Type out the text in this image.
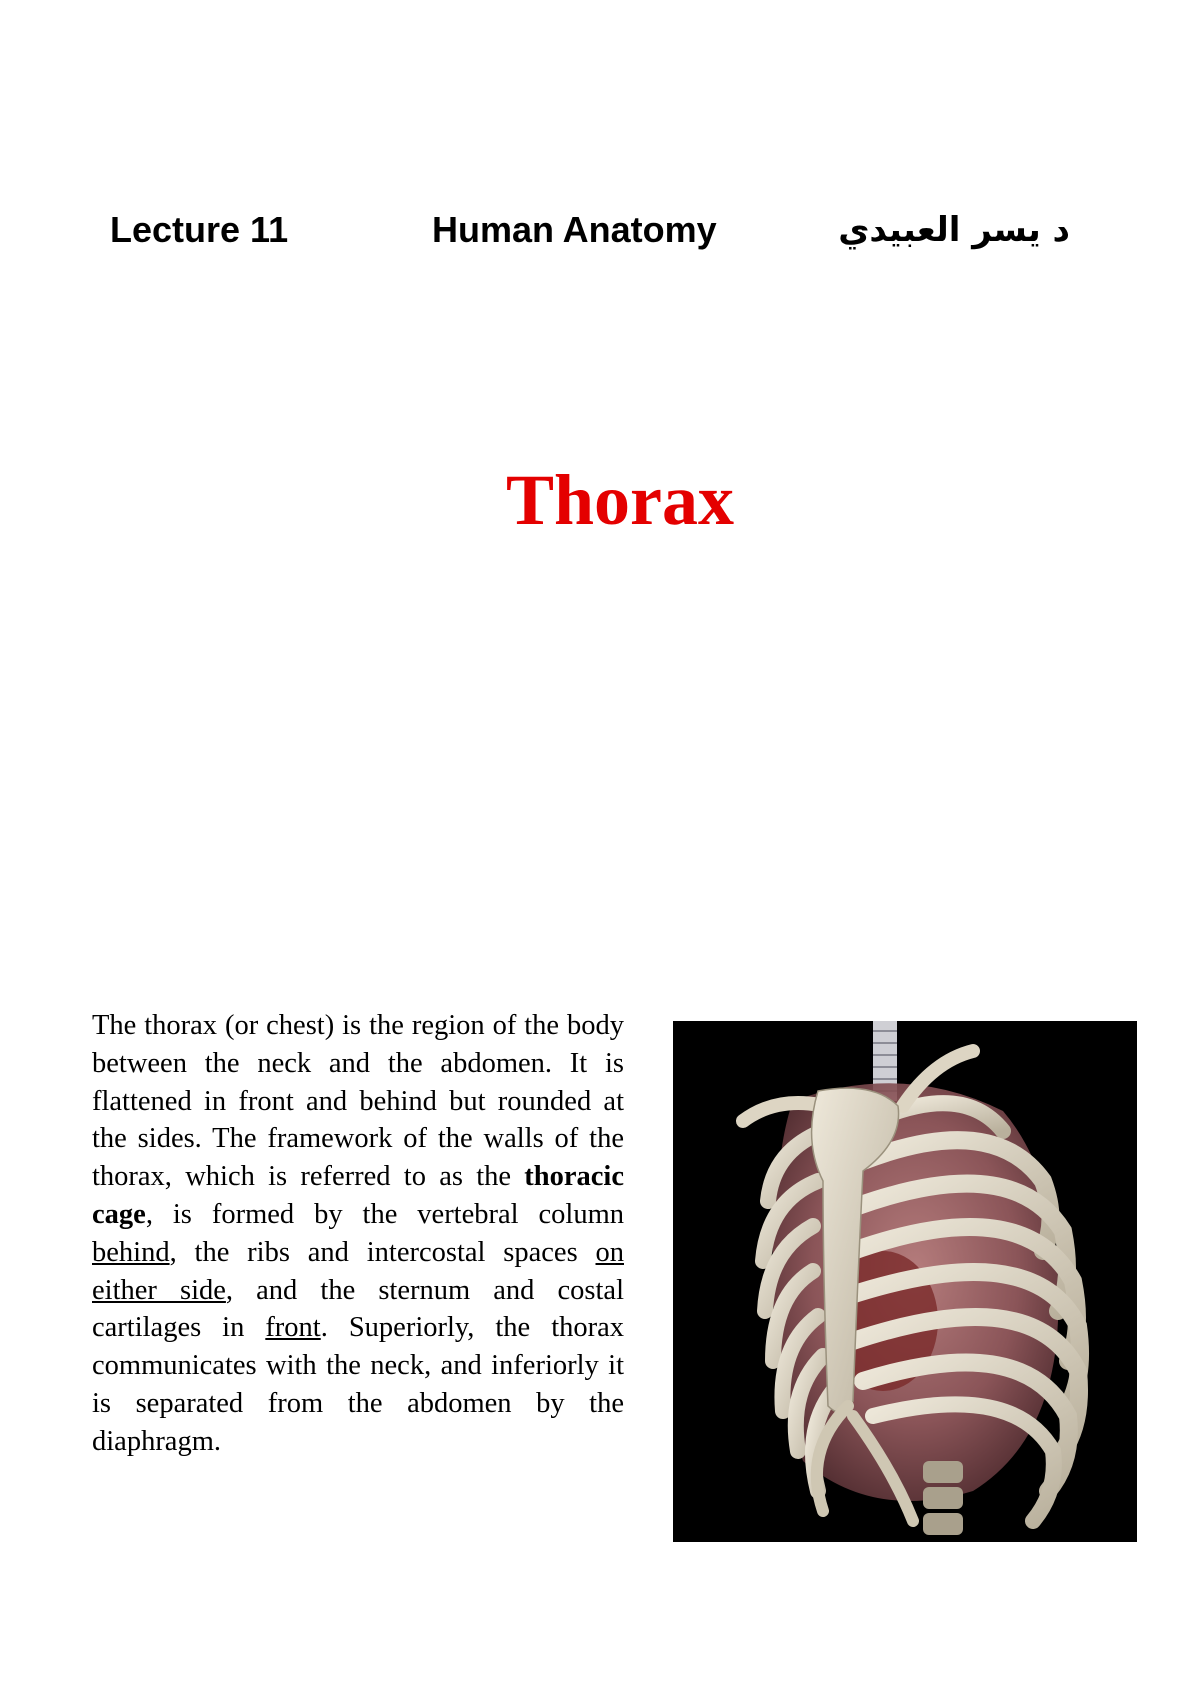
Lecture 11	Human Anatomy	د يسر العبيدي
Thorax
The thorax (or chest) is the region of the body between the neck and the abdomen. It is flattened in front and behind but rounded at the sides. The framework of the walls of the thorax, which is referred to as the thoracic cage, is formed by the vertebral column behind, the ribs and intercostal spaces on either side, and the sternum and costal cartilages in front. Superiorly, the thorax communicates with the neck, and inferiorly it is separated from the abdomen by the diaphragm.
